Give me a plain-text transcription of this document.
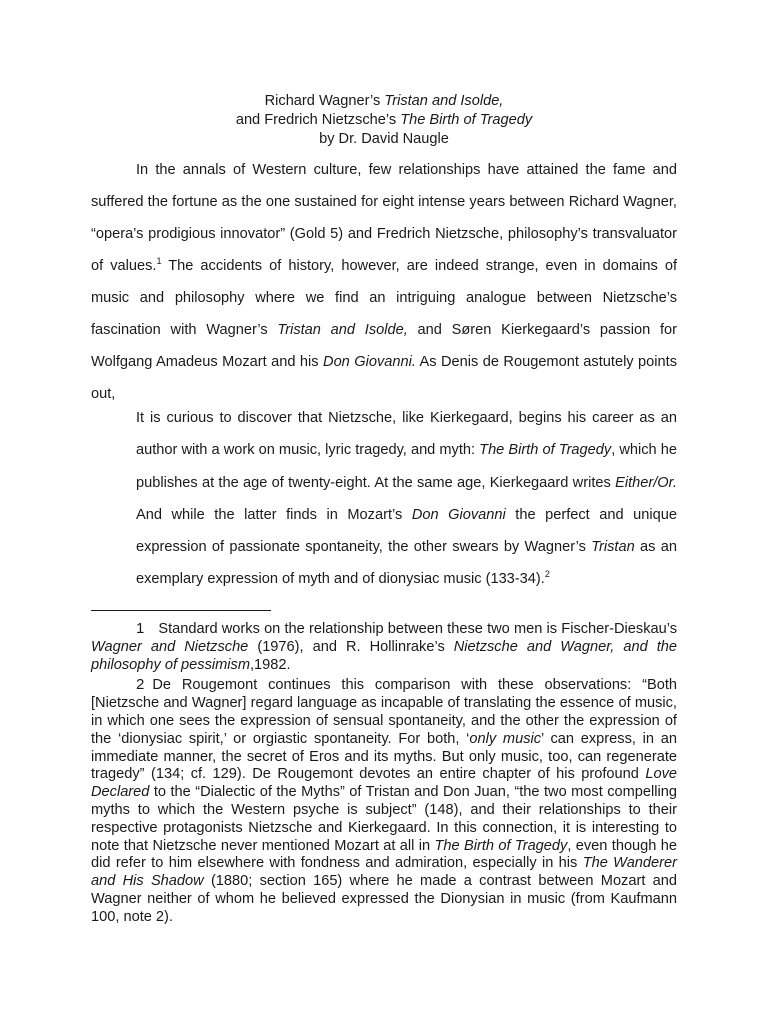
Richard Wagner’s Tristan and Isolde,
and Fredrich Nietzsche’s The Birth of Tragedy
by Dr. David Naugle

In the annals of Western culture, few relationships have attained the fame and suffered the fortune as the one sustained for eight intense years between Richard Wagner, “opera’s prodigious innovator” (Gold 5) and Fredrich Nietzsche, philosophy’s transvaluator of values.$^1$ The accidents of history, however, are indeed strange, even in domains of music and philosophy where we find an intriguing analogue between Nietzsche’s fascination with Wagner’s Tristan and Isolde, and Søren Kierkegaard’s passion for Wolfgang Amadeus Mozart and his Don Giovanni. As Denis de Rougemont astutely points out,

It is curious to discover that Nietzsche, like Kierkegaard, begins his career as an author with a work on music, lyric tragedy, and myth: The Birth of Tragedy, which he publishes at the age of twenty-eight. At the same age, Kierkegaard writes Either/Or. And while the latter finds in Mozart’s Don Giovanni the perfect and unique expression of passionate spontaneity, the other swears by Wagner’s Tristan as an exemplary expression of myth and of dionysiac music (133-34).$^2$

1 Standard works on the relationship between these two men is Fischer-Dieskau’s Wagner and Nietzsche (1976), and R. Hollinrake’s Nietzsche and Wagner, and the philosophy of pessimism,1982.

2 De Rougemont continues this comparison with these observations: “Both [Nietzsche and Wagner] regard language as incapable of translating the essence of music, in which one sees the expression of sensual spontaneity, and the other the expression of the ‘dionysiac spirit,’ or orgiastic spontaneity. For both, ‘only music’ can express, in an immediate manner, the secret of Eros and its myths. But only music, too, can regenerate tragedy” (134; cf. 129). De Rougemont devotes an entire chapter of his profound Love Declared to the “Dialectic of the Myths” of Tristan and Don Juan, “the two most compelling myths to which the Western psyche is subject” (148), and their relationships to their respective protagonists Nietzsche and Kierkegaard. In this connection, it is interesting to note that Nietzsche never mentioned Mozart at all in The Birth of Tragedy, even though he did refer to him elsewhere with fondness and admiration, especially in his The Wanderer and His Shadow (1880; section 165) where he made a contrast between Mozart and Wagner neither of whom he believed expressed the Dionysian in music (from Kaufmann 100, note 2).
